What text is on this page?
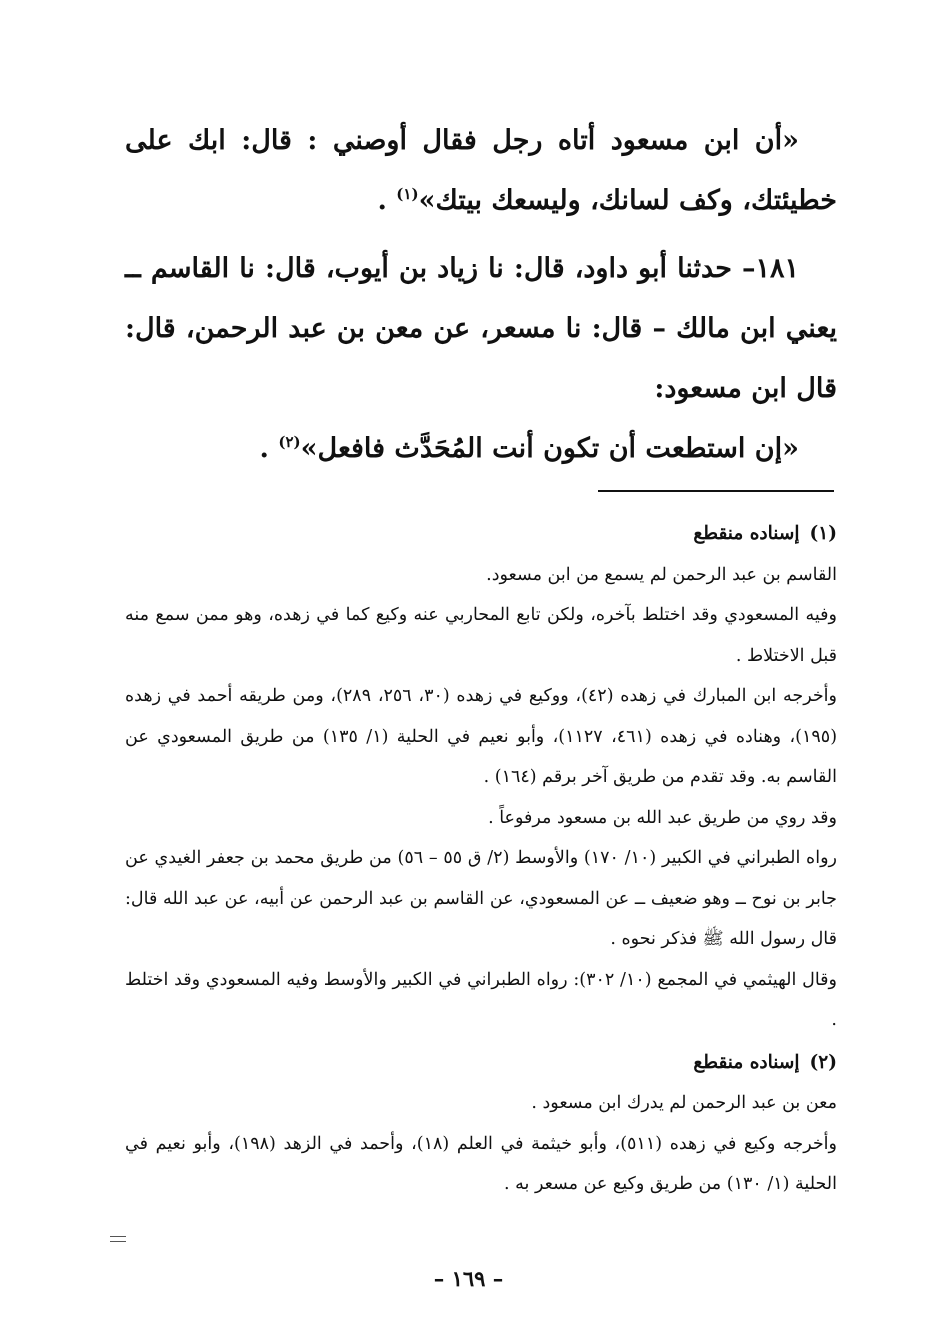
«أن ابن مسعود أتاه رجل فقال أوصني : قال: ابك على خطيئتك، وكف لسانك، وليسعك بيتك»$^{(١)}$ .

١٨١– حدثنا أبو داود، قال: نا زياد بن أيوب، قال: نا القاسم ــ يعني ابن مالك – قال: نا مسعر، عن معن بن عبد الرحمن، قال: قال ابن مسعود:

«إن استطعت أن تكون أنت المُحَدَّث فافعل»$^{(٢)}$ .

(١)إسناده منقطع

القاسم بن عبد الرحمن لم يسمع من ابن مسعود.

وفيه المسعودي وقد اختلط بآخره، ولكن تابع المحاربي عنه وكيع كما في زهده، وهو ممن سمع منه قبل الاختلاط .

وأخرجه ابن المبارك في زهده (٤٢)، ووكيع في زهده (٣٠، ٢٥٦، ٢٨٩)، ومن طريقه أحمد في زهده (١٩٥)، وهناده في زهده (٤٦١، ١١٢٧)، وأبو نعيم في الحلية (١/ ١٣٥) من طريق المسعودي عن القاسم به. وقد تقدم من طريق آخر برقم (١٦٤) .

وقد روي من طريق عبد الله بن مسعود مرفوعاً .

رواه الطبراني في الكبير (١٠/ ١٧٠) والأوسط (٢/ ق ٥٥ – ٥٦) من طريق محمد بن جعفر الغيدي عن جابر بن نوح ــ وهو ضعيف ــ عن المسعودي، عن القاسم بن عبد الرحمن عن أبيه، عن عبد الله قال: قال رسول الله ﷺ فذكر نحوه .

وقال الهيثمي في المجمع (١٠/ ٣٠٢): رواه الطبراني في الكبير والأوسط وفيه المسعودي وقد اختلط .

(٢)إسناده منقطع

معن بن عبد الرحمن لم يدرك ابن مسعود .

وأخرجه وكيع في زهده (٥١١)، وأبو خيثمة في العلم (١٨)، وأحمد في الزهد (١٩٨)، وأبو نعيم في الحلية (١/ ١٣٠) من طريق وكيع عن مسعر به .

– ١٦٩ –
